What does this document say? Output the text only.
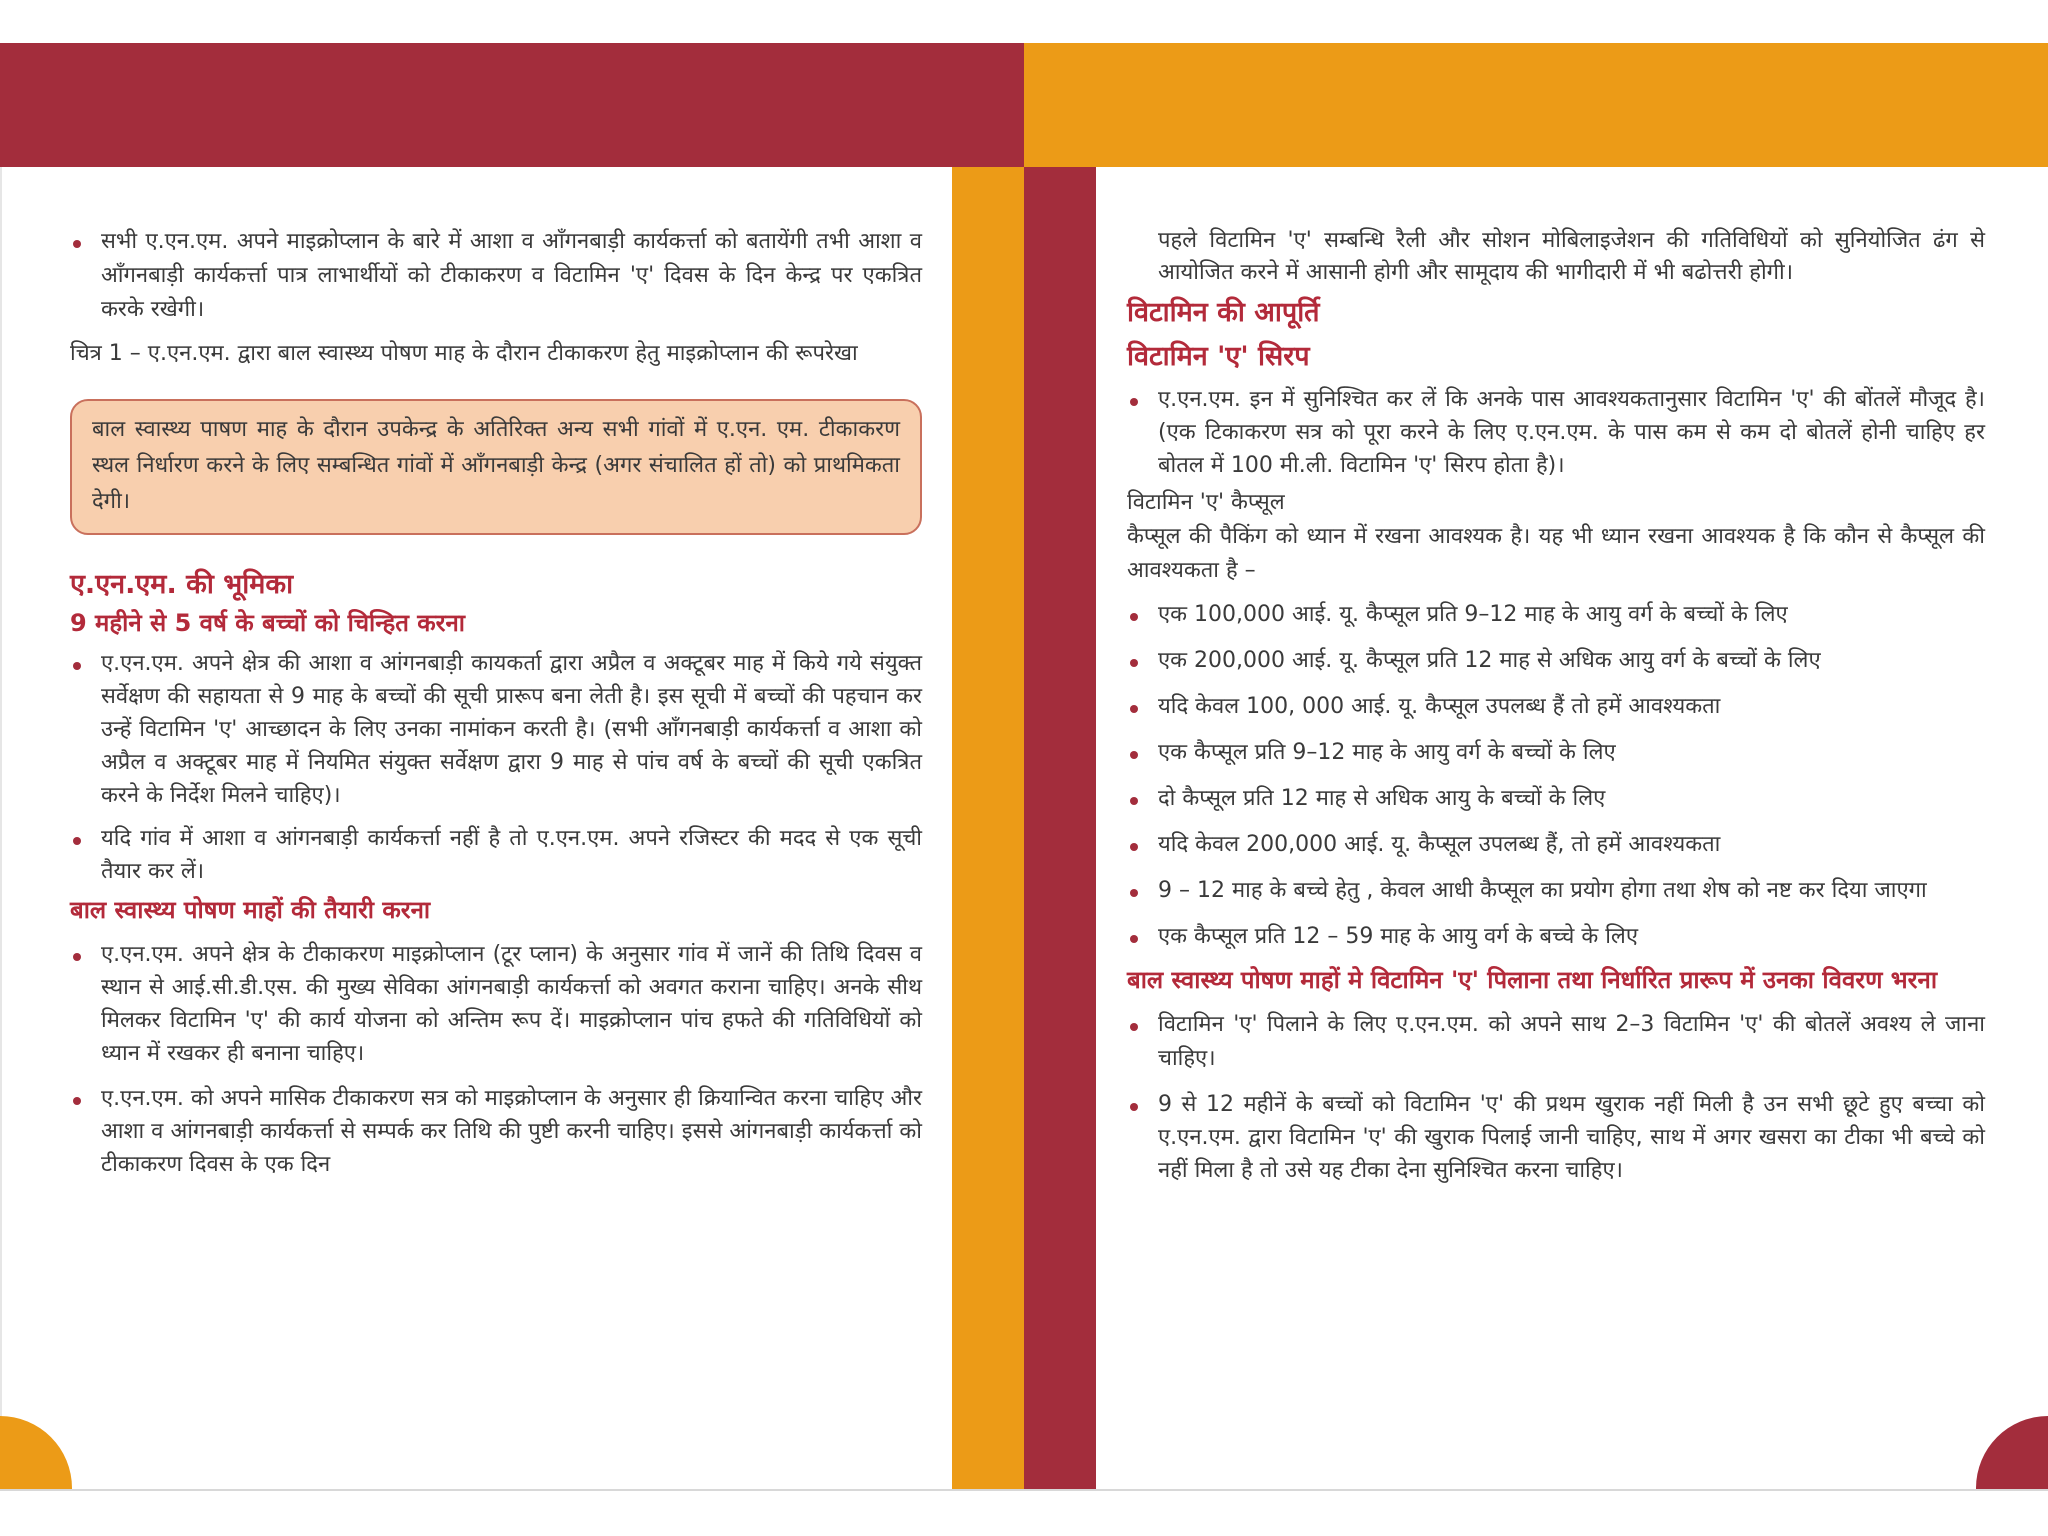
43	44
सभी ए.एन.एम. अपने माइक्रोप्लान के बारे में आशा व आँगनबाड़ी कार्यकर्त्ता को बतायेंगी तभी आशा व आँगनबाड़ी कार्यकर्त्ता पात्र लाभार्थीयों को टीकाकरण व विटामिन 'ए' दिवस के दिन केन्द्र पर एकत्रित करके रखेगी।

चित्र 1 – ए.एन.एम. द्वारा बाल स्वास्थ्य पोषण माह के दौरान टीकाकरण हेतु माइक्रोप्लान की रूपरेखा

बाल स्वास्थ्य पाषण माह के दौरान उपकेन्द्र के अतिरिक्त अन्य सभी गांवों में ए.एन. एम. टीकाकरण स्थल निर्धारण करने के लिए सम्बन्धित गांवों में आँगनबाड़ी केन्द्र (अगर संचालित हों तो) को प्राथमिकता देगी।

ए.एन.एम. की भूमिका

9 महीने से 5 वर्ष के बच्चों को चिन्हित करना

ए.एन.एम. अपने क्षेत्र की आशा व आंगनबाड़ी कायकर्ता द्वारा अप्रैल व अक्टूबर माह में किये गये संयुक्त सर्वेक्षण की सहायता से 9 माह के बच्चों की सूची प्रारूप बना लेती है। इस सूची में बच्चों की पहचान कर उन्हें विटामिन 'ए' आच्छादन के लिए उनका नामांकन करती है। (सभी आँगनबाड़ी कार्यकर्त्ता व आशा को अप्रैल व अक्टूबर माह में नियमित संयुक्त सर्वेक्षण द्वारा 9 माह से पांच वर्ष के बच्चों की सूची एकत्रित करने के निर्देश मिलने चाहिए)।
यदि गांव में आशा व आंगनबाड़ी कार्यकर्त्ता नहीं है तो ए.एन.एम. अपने रजिस्टर की मदद से एक सूची तैयार कर लें।

बाल स्वास्थ्य पोषण माहों की तैयारी करना

ए.एन.एम. अपने क्षेत्र के टीकाकरण माइक्रोप्लान (टूर प्लान) के अनुसार गांव में जानें की तिथि दिवस व स्थान से आई.सी.डी.एस. की मुख्य सेविका आंगनबाड़ी कार्यकर्त्ता को अवगत कराना चाहिए। अनके सीथ मिलकर विटामिन 'ए' की कार्य योजना को अन्तिम रूप दें। माइक्रोप्लान पांच हफते की गतिविधियों को ध्यान में रखकर ही बनाना चाहिए।
ए.एन.एम. को अपने मासिक टीकाकरण सत्र को माइक्रोप्लान के अनुसार ही क्रियान्वित करना चाहिए और आशा व आंगनबाड़ी कार्यकर्त्ता से सम्पर्क कर तिथि की पुष्टी करनी चाहिए। इससे आंगनबाड़ी कार्यकर्त्ता को टीकाकरण दिवस के एक दिन

पहले विटामिन 'ए' सम्बन्धि रैली और सोशन मोबिलाइजेशन की गतिविधियों को सुनियोजित ढंग से आयोजित करने में आसानी होगी और सामूदाय की भागीदारी में भी बढोत्तरी होगी।

विटामिन की आपूर्ति

विटामिन 'ए' सिरप

ए.एन.एम. इन में सुनिश्चित कर लें कि अनके पास आवश्यकतानुसार विटामिन 'ए' की बोंतलें मौजूद है। (एक टिकाकरण सत्र को पूरा करने के लिए ए.एन.एम. के पास कम से कम दो बोतलें होनी चाहिए हर बोतल में 100 मी.ली. विटामिन 'ए' सिरप होता है)।

विटामिन 'ए' कैप्सूल

कैप्सूल की पैकिंग को ध्यान में रखना आवश्यक है। यह भी ध्यान रखना आवश्यक है कि कौन से कैप्सूल की आवश्यकता है –

एक 100,000 आई. यू. कैप्सूल प्रति 9–12 माह के आयु वर्ग के बच्चों के लिए
एक 200,000 आई. यू. कैप्सूल प्रति 12 माह से अधिक आयु वर्ग के बच्चों के लिए
यदि केवल 100, 000 आई. यू. कैप्सूल उपलब्ध हैं तो हमें आवश्यकता
एक कैप्सूल प्रति 9–12 माह के आयु वर्ग के बच्चों के लिए
दो कैप्सूल प्रति 12 माह से अधिक आयु के बच्चों के लिए
यदि केवल 200,000 आई. यू. कैप्सूल उपलब्ध हैं, तो हमें आवश्यकता
9 – 12 माह के बच्चे हेतु , केवल आधी कैप्सूल का प्रयोग होगा तथा शेष को नष्ट कर दिया जाएगा
एक कैप्सूल प्रति 12 – 59 माह के आयु वर्ग के बच्चे के लिए

बाल स्वास्थ्य पोषण माहों मे विटामिन 'ए' पिलाना तथा निर्धारित प्रारूप में उनका विवरण भरना

विटामिन 'ए' पिलाने के लिए ए.एन.एम. को अपने साथ 2–3 विटामिन 'ए' की बोतलें अवश्य ले जाना चाहिए।
9 से 12 महीनें के बच्चों को विटामिन 'ए' की प्रथम खुराक नहीं मिली है उन सभी छूटे हुए बच्चा को ए.एन.एम. द्वारा विटामिन 'ए' की खुराक पिलाई जानी चाहिए, साथ में अगर खसरा का टीका भी बच्चे को नहीं मिला है तो उसे यह टीका देना सुनिश्चित करना चाहिए।
